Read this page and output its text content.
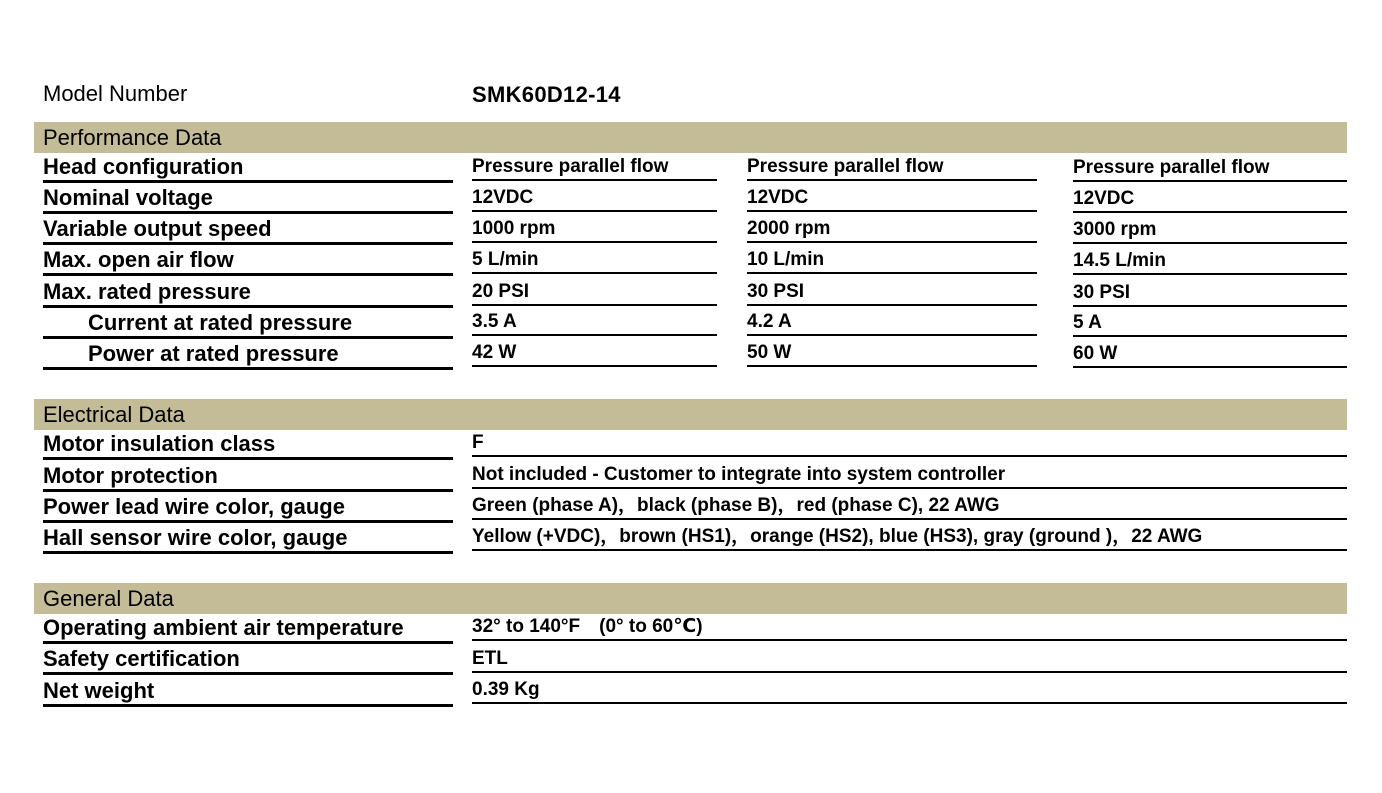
Model Number	SMK60D12-14
Performance Data
Head configuration	Pressure parallel flow	Pressure parallel flow	Pressure parallel flow
Nominal voltage	12VDC	12VDC	12VDC
Variable output speed	1000 rpm	2000 rpm	3000 rpm
Max. open air flow	5 L/min	10 L/min	14.5 L/min
Max. rated pressure	20 PSI	30 PSI	30 PSI
Current at rated pressure	3.5 A	4.2 A	5 A
Power at rated pressure	42 W	50 W	60 W
Electrical Data
Motor insulation class	F
Motor protection	Not included - Customer to integrate into system controller
Power lead wire color, gauge	Green (phase A)，black (phase B)，red (phase C), 22 AWG
Hall sensor wire color, gauge	Yellow (+VDC)，brown (HS1)，orange (HS2), blue (HS3), gray (ground )，22 AWG
General Data
Operating ambient air temperature	32° to 140°F　(0° to 60℃)
Safety certification	ETL
Net weight	0.39 Kg
